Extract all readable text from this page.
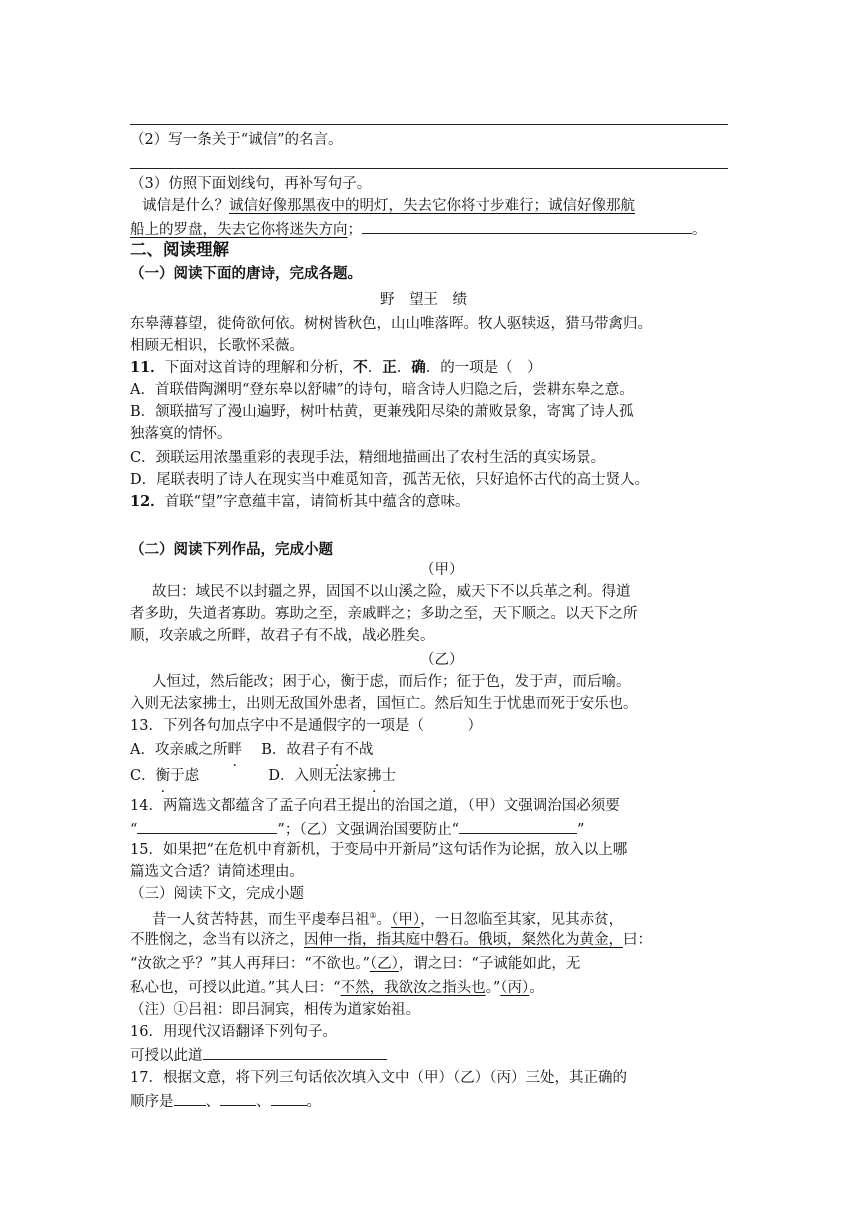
（2）写一条关于“诚信”的名言。
（3）仿照下面划线句，再补写句子。
诚信是什么？诚信好像那黑夜中的明灯，失去它你将寸步难行；诚信好像那航
船上的罗盘，失去它你将迷失方向；	。
二、阅读理解
（一）阅读下面的唐诗，完成各题。
野　望王　绩
东皋薄暮望，徙倚欲何依。树树皆秋色，山山唯落晖。牧人驱犊返，猎马带禽归。
相顾无相识，长歌怀采薇。
11．下面对这首诗的理解和分析，不．正．确．的一项是（　）
A．首联借陶渊明“登东皋以舒啸”的诗句，暗含诗人归隐之后，尝耕东皋之意。
B．颔联描写了漫山遍野，树叶枯黄，更兼残阳尽染的萧败景象，寄寓了诗人孤
独落寞的情怀。
C．颈联运用浓墨重彩的表现手法，精细地描画出了农村生活的真实场景。
D．尾联表明了诗人在现实当中难觅知音，孤苦无依，只好追怀古代的高士贤人。
12．首联“望”字意蕴丰富，请简析其中蕴含的意味。
（二）阅读下列作品，完成小题
（甲）
故曰：域民不以封疆之界，固国不以山溪之险，威天下不以兵革之利。得道
者多助，失道者寡助。寡助之至，亲戚畔之；多助之至，天下顺之。以天下之所
顺，攻亲戚之所畔，故君子有不战，战必胜矣。
（乙）
人恒过，然后能改；困于心，衡于虑，而后作；征于色，发于声，而后喻。
入则无法家拂士，出则无敌国外患者，国恒亡。然后知生于忧患而死于安乐也。
13．下列各句加点字中不是通假字的一项是（　　　）
A．攻亲戚之所畔 B．故君子有不战
C．衡于虑	D．入则无法家拂士
14．两篇选文都蕴含了孟子向君王提出的治国之道，（甲）文强调治国必须要
“	”；（乙）文强调治国要防止“	”
15．如果把“在危机中育新机，于变局中开新局”这句话作为论据，放入以上哪
篇选文合适？请简述理由。
（三）阅读下文，完成小题
昔一人贫苦特甚，而生平虔奉吕祖①。（甲），一日忽临至其家，见其赤贫，
不胜悯之，念当有以济之，因伸一指，指其庭中磐石。俄顷，粲然化为黄金，曰：
“汝欲之乎？”其人再拜曰：“不欲也。”（乙），谓之曰：“子诚能如此，无
私心也，可授以此道。”其人曰：“不然，我欲汝之指头也。”（丙）。
（注）①吕祖：即吕洞宾，相传为道家始祖。
16．用现代汉语翻译下列句子。
可授以此道
17．根据文意，将下列三句话依次填入文中（甲）（乙）（丙）三处，其正确的
顺序是 、 、 。
